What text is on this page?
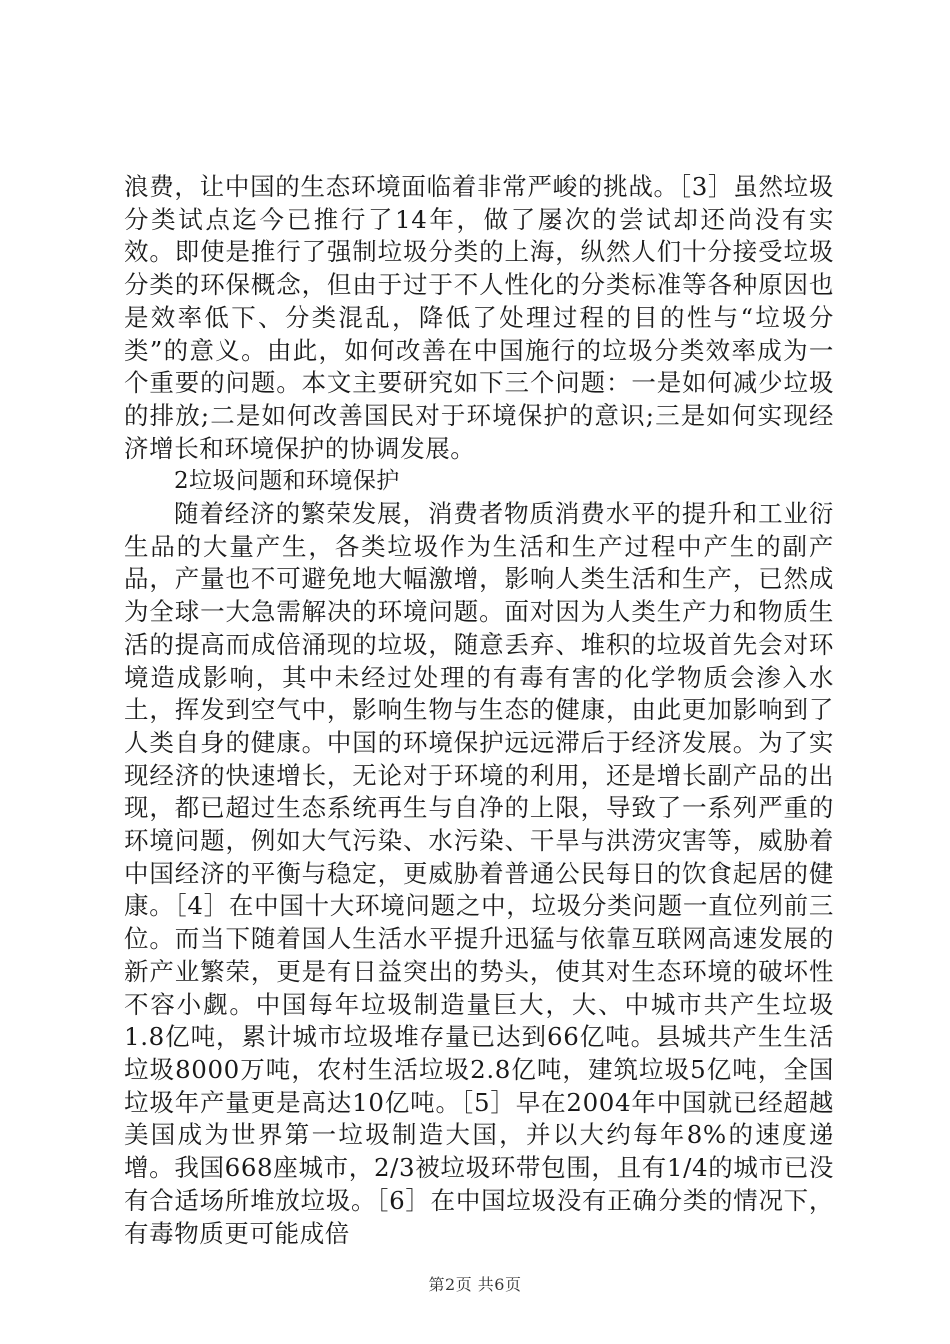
浪费，让中国的生态环境面临着非常严峻的挑战。［3］虽然垃圾分类试点迄今已推行了14年，做了屡次的尝试却还尚没有实效。即使是推行了强制垃圾分类的上海，纵然人们十分接受垃圾分类的环保概念，但由于过于不人性化的分类标准等各种原因也是效率低下、分类混乱，降低了处理过程的目的性与“垃圾分类”的意义。由此，如何改善在中国施行的垃圾分类效率成为一个重要的问题。本文主要研究如下三个问题：一是如何减少垃圾的排放;二是如何改善国民对于环境保护的意识;三是如何实现经济增长和环境保护的协调发展。

2垃圾问题和环境保护

随着经济的繁荣发展，消费者物质消费水平的提升和工业衍生品的大量产生，各类垃圾作为生活和生产过程中产生的副产品，产量也不可避免地大幅激增，影响人类生活和生产，已然成为全球一大急需解决的环境问题。面对因为人类生产力和物质生活的提高而成倍涌现的垃圾，随意丢弃、堆积的垃圾首先会对环境造成影响，其中未经过处理的有毒有害的化学物质会渗入水土，挥发到空气中，影响生物与生态的健康，由此更加影响到了人类自身的健康。中国的环境保护远远滞后于经济发展。为了实现经济的快速增长，无论对于环境的利用，还是增长副产品的出现，都已超过生态系统再生与自净的上限，导致了一系列严重的环境问题，例如大气污染、水污染、干旱与洪涝灾害等，威胁着中国经济的平衡与稳定，更威胁着普通公民每日的饮食起居的健康。［4］在中国十大环境问题之中，垃圾分类问题一直位列前三位。而当下随着国人生活水平提升迅猛与依靠互联网高速发展的新产业繁荣，更是有日益突出的势头，使其对生态环境的破坏性不容小觑。中国每年垃圾制造量巨大，大、中城市共产生垃圾1.8亿吨，累计城市垃圾堆存量已达到66亿吨。县城共产生生活垃圾8000万吨，农村生活垃圾2.8亿吨，建筑垃圾5亿吨，全国垃圾年产量更是高达10亿吨。［5］早在2004年中国就已经超越美国成为世界第一垃圾制造大国，并以大约每年8%的速度递增。我国668座城市，2/3被垃圾环带包围，且有1/4的城市已没有合适场所堆放垃圾。［6］在中国垃圾没有正确分类的情况下，有毒物质更可能成倍

第2页 共6页
